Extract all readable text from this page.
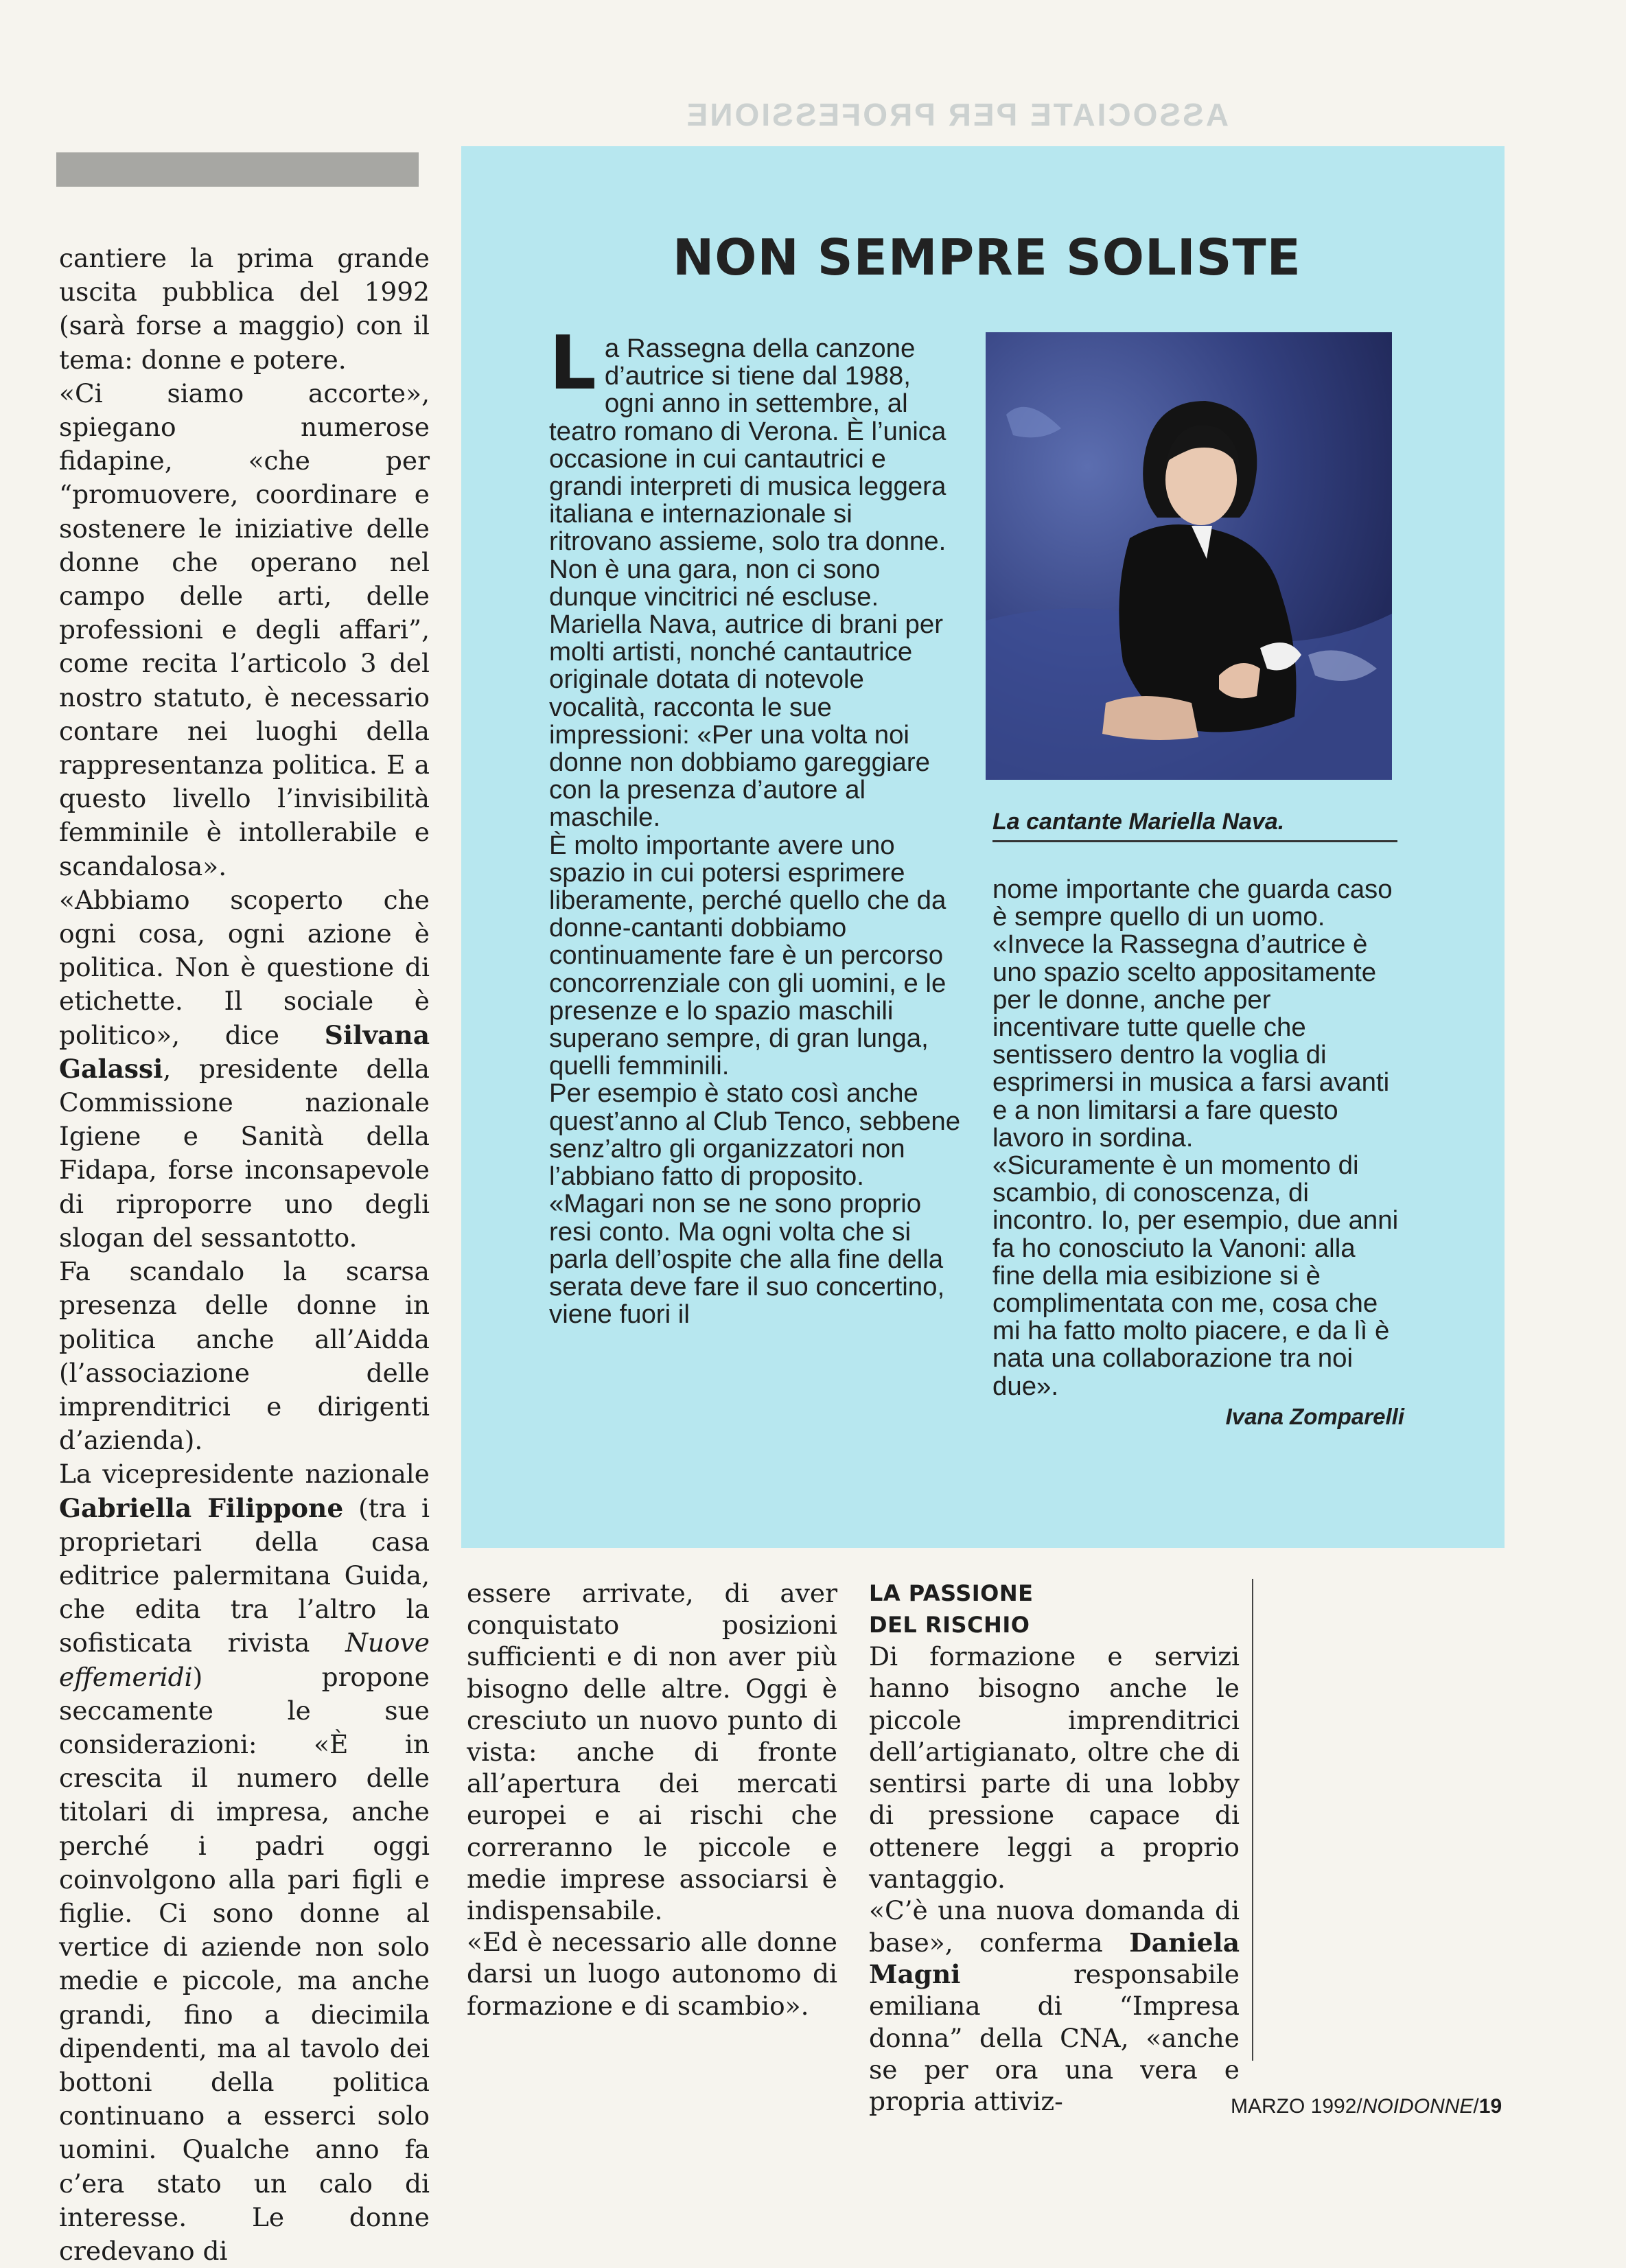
ASSOCIATE PER PROFESSIONE

cantiere la prima grande uscita pubblica del 1992 (sarà forse a maggio) con il tema: donne e potere.

«Ci siamo accorte», spiegano numerose fidapine, «che per “promuovere, coordinare e sostenere le iniziative delle donne che operano nel campo delle arti, delle professioni e degli affari”, come recita l’articolo 3 del nostro statuto, è necessario contare nei luoghi della rappresentanza politica. E a questo livello l’invisibilità femminile è intollerabile e scandalosa».

«Abbiamo scoperto che ogni cosa, ogni azione è politica. Non è questione di etichette. Il sociale è politico», dice Silvana Galassi, presidente della Commissione nazionale Igiene e Sanità della Fidapa, forse inconsapevole di riproporre uno degli slogan del sessantotto.

Fa scandalo la scarsa presenza delle donne in politica anche all’Aidda (l’associazione delle imprenditrici e dirigenti d’azienda).

La vicepresidente nazionale Gabriella Filippone (tra i proprietari della casa editrice palermitana Guida, che edita tra l’altro la sofisticata rivista Nuove effemeridi) propone seccamente le sue considerazioni: «È in crescita il numero delle titolari di impresa, anche perché i padri oggi coinvolgono alla pari figli e figlie. Ci sono donne al vertice di aziende non solo medie e piccole, ma anche grandi, fino a diecimila dipendenti, ma al tavolo dei bottoni della politica continuano a esserci solo uomini. Qualche anno fa c’era stato un calo di interesse. Le donne credevano di

NON SEMPRE SOLISTE

La Rassegna della canzone d’autrice si tiene dal 1988, ogni anno in settembre, al teatro romano di Verona. È l’unica occasione in cui cantautrici e grandi interpreti di musica leggera italiana e internazionale si ritrovano assieme, solo tra donne. Non è una gara, non ci sono dunque vincitrici né escluse.

Mariella Nava, autrice di brani per molti artisti, nonché cantautrice originale dotata di notevole vocalità, racconta le sue impressioni: «Per una volta noi donne non dobbiamo gareggiare con la presenza d’autore al maschile.

È molto importante avere uno spazio in cui potersi esprimere liberamente, perché quello che da donne-cantanti dobbiamo continuamente fare è un percorso concorrenziale con gli uomini, e le presenze e lo spazio maschili superano sempre, di gran lunga, quelli femminili.

Per esempio è stato così anche quest’anno al Club Tenco, sebbene senz’altro gli organizzatori non l’abbiano fatto di proposito.

«Magari non se ne sono proprio resi conto. Ma ogni volta che si parla dell’ospite che alla fine della serata deve fare il suo concertino, viene fuori il

La cantante Mariella Nava.

nome importante che guarda caso è sempre quello di un uomo.

«Invece la Rassegna d’autrice è uno spazio scelto appositamente per le donne, anche per incentivare tutte quelle che sentissero dentro la voglia di esprimersi in musica a farsi avanti e a non limitarsi a fare questo lavoro in sordina.

«Sicuramente è un momento di scambio, di conoscenza, di incontro. Io, per esempio, due anni fa ho conosciuto la Vanoni: alla fine della mia esibizione si è complimentata con me, cosa che mi ha fatto molto piacere, e da lì è nata una collaborazione tra noi due».

Ivana Zomparelli

essere arrivate, di aver conquistato posizioni sufficienti e di non aver più bisogno delle altre. Oggi è cresciuto un nuovo punto di vista: anche di fronte all’apertura dei mercati europei e ai rischi che correranno le piccole e medie imprese associarsi è indispensabile.

«Ed è necessario alle donne darsi un luogo autonomo di formazione e di scambio».

LA PASSIONE
DEL RISCHIO

Di formazione e servizi hanno bisogno anche le piccole imprenditrici dell’artigianato, oltre che di sentirsi parte di una lobby di pressione capace di ottenere leggi a proprio vantaggio.

«C’è una nuova domanda di base», conferma Daniela Magni responsabile emiliana di “Impresa donna” della CNA, «anche se per ora una vera e propria attiviz-	MARZO 1992/NOIDONNE/19
